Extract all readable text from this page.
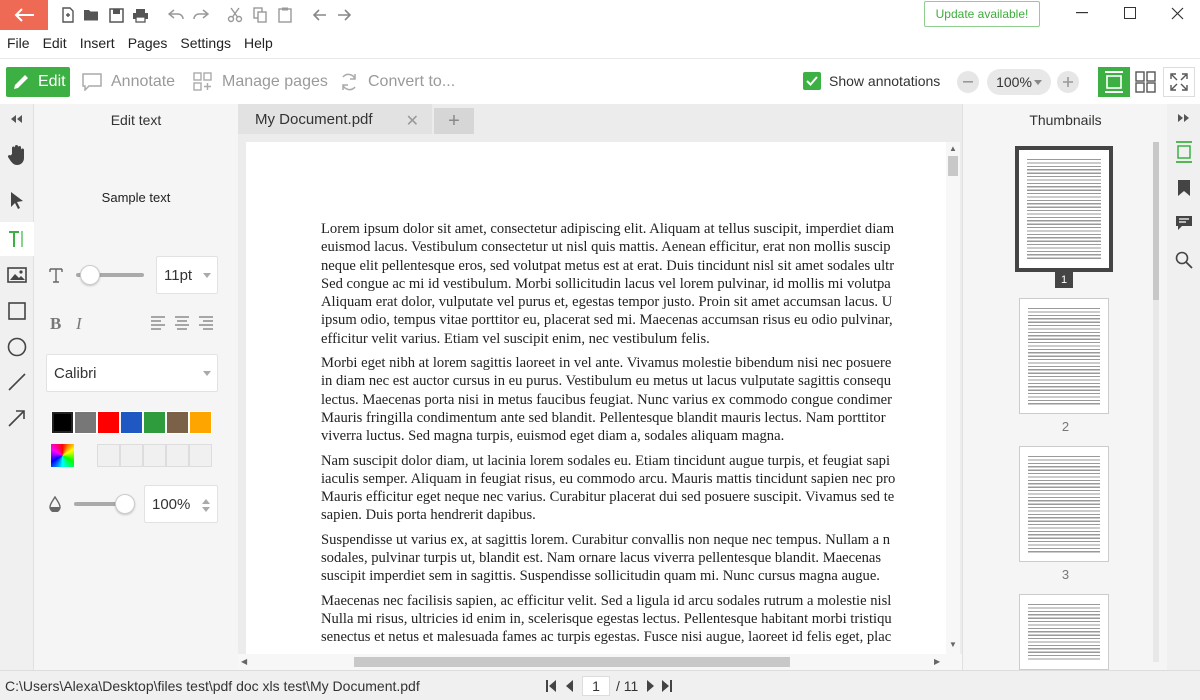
Update available!
File Edit Insert Pages Settings Help
Edit	Annotate	Manage pages	Convert to...	Show annotations	100%
Edit text
Sample text
11pt
B I
Calibri
100%
My Document.pdf ✕	+

Lorem ipsum dolor sit amet, consectetur adipiscing elit. Aliquam at tellus suscipit, imperdiet diam
euismod lacus. Vestibulum consectetur ut nisl quis mattis. Aenean efficitur, erat non mollis suscip
neque elit pellentesque eros, sed volutpat metus est at erat. Duis tincidunt nisl sit amet sodales ultr
Sed congue ac mi id vestibulum. Morbi sollicitudin lacus vel lorem pulvinar, id mollis mi volutpa
Aliquam erat dolor, vulputate vel purus et, egestas tempor justo. Proin sit amet accumsan lacus. U
ipsum odio, tempus vitae porttitor eu, placerat sed mi. Maecenas accumsan risus eu odio pulvinar,
efficitur velit varius. Etiam vel suscipit enim, nec vestibulum felis.

Morbi eget nibh at lorem sagittis laoreet in vel ante. Vivamus molestie bibendum nisi nec posuere
in diam nec est auctor cursus in eu purus. Vestibulum eu metus ut lacus vulputate sagittis consequ
lectus. Maecenas porta nisi in metus faucibus feugiat. Nunc varius ex commodo congue condimer
Mauris fringilla condimentum ante sed blandit. Pellentesque blandit mauris lectus. Nam porttitor
viverra luctus. Sed magna turpis, euismod eget diam a, sodales aliquam magna.

Nam suscipit dolor diam, ut lacinia lorem sodales eu. Etiam tincidunt augue turpis, et feugiat sapi
iaculis semper. Aliquam in feugiat risus, eu commodo arcu. Mauris mattis tincidunt sapien nec pro
Mauris efficitur eget neque nec varius. Curabitur placerat dui sed posuere suscipit. Vivamus sed te
sapien. Duis porta hendrerit dapibus.

Suspendisse ut varius ex, at sagittis lorem. Curabitur convallis non neque nec tempus. Nullam a n
sodales, pulvinar turpis ut, blandit est. Nam ornare lacus viverra pellentesque blandit. Maecenas
suscipit imperdiet sem in sagittis. Suspendisse sollicitudin quam mi. Nunc cursus magna augue.

Maecenas nec facilisis sapien, ac efficitur velit. Sed a ligula id arcu sodales rutrum a molestie nisl
Nulla mi risus, ultricies id enim in, scelerisque egestas lectus. Pellentesque habitant morbi tristiqu
senectus et netus et malesuada fames ac turpis egestas. Fusce nisi augue, laoreet id felis eget, plac

▲
▼
◀	▶
Thumbnails
1
2
3
C:\Users\Alexa\Desktop\files test\pdf doc xls test\My Document.pdf	1	/ 11
